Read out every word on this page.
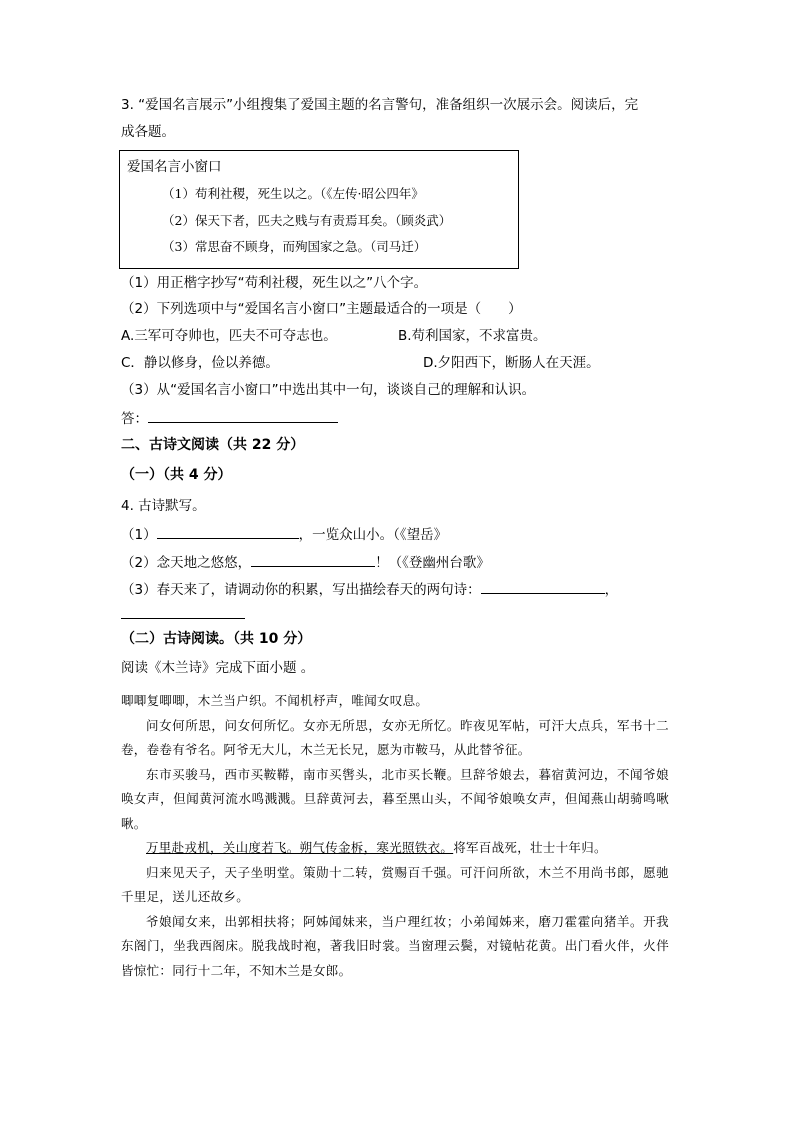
3. “爱国名言展示”小组搜集了爱国主题的名言警句，准备组织一次展示会。阅读后，完
成各题。
爱国名言小窗口
（1）苟利社稷，死生以之。（《左传·昭公四年》
（2）保天下者，匹夫之贱与有责焉耳矣。（顾炎武）
（3）常思奋不顾身，而殉国家之急。（司马迁）
（1）用正楷字抄写“苟利社稷，死生以之”八个字。
（2）下列选项中与“爱国名言小窗口”主题最适合的一项是（　　）
A.三军可夺帅也，匹夫不可夺志也。	B.苟利国家，不求富贵。
C．静以修身，俭以养德。	D.夕阳西下，断肠人在天涯。
（3）从“爱国名言小窗口”中选出其中一句，谈谈自己的理解和认识。
答：
二、古诗文阅读（共 22 分）
（一）（共 4 分）
4. 古诗默写。
（1）	，一览众山小。（《望岳》
（2）念天地之悠悠，	！（《登幽州台歌》
（3）春天来了，请调动你的积累，写出描绘春天的两句诗：	，
（二）古诗阅读。（共 10 分）
阅读《木兰诗》完成下面小题 。
唧唧复唧唧，木兰当户织。不闻机杼声，唯闻女叹息。
问女何所思，问女何所忆。女亦无所思，女亦无所忆。昨夜见军帖，可汗大点兵，军书十二卷，卷卷有爷名。阿爷无大儿，木兰无长兄，愿为市鞍马，从此替爷征。
东市买骏马，西市买鞍鞯，南市买辔头，北市买长鞭。旦辞爷娘去，暮宿黄河边，不闻爷娘唤女声，但闻黄河流水鸣溅溅。旦辞黄河去，暮至黑山头，不闻爷娘唤女声，但闻燕山胡骑鸣啾啾。
万里赴戎机，关山度若飞。朔气传金柝，寒光照铁衣。将军百战死，壮士十年归。
归来见天子，天子坐明堂。策勋十二转，赏赐百千强。可汗问所欲，木兰不用尚书郎，愿驰千里足，送儿还故乡。
爷娘闻女来，出郭相扶将；阿姊闻妹来，当户理红妆；小弟闻姊来，磨刀霍霍向猪羊。开我东阁门，坐我西阁床。脱我战时袍，著我旧时裳。当窗理云鬓，对镜帖花黄。出门看火伴，火伴皆惊忙：同行十二年，不知木兰是女郎。
